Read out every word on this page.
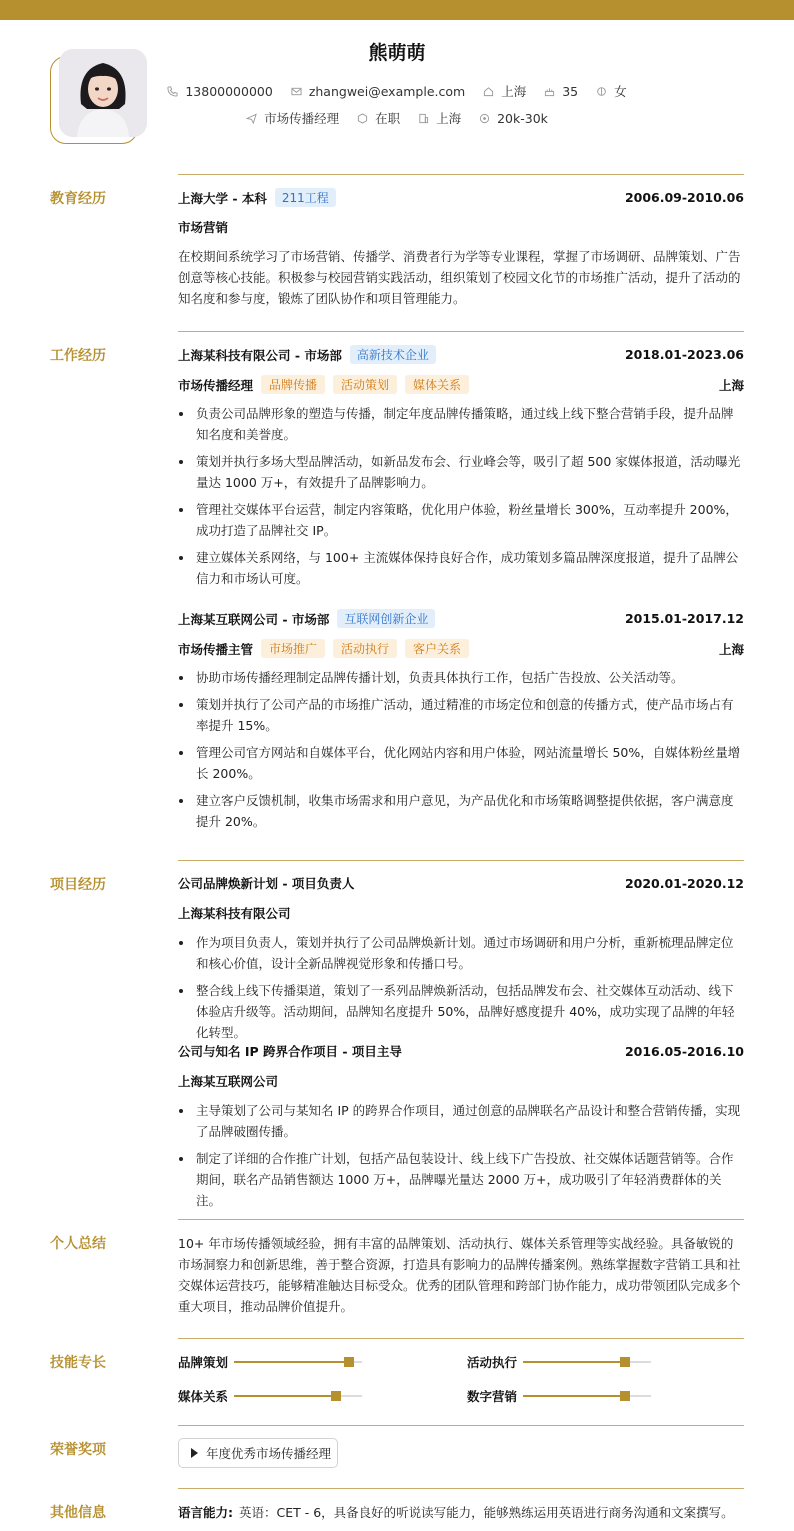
熊萌萌
13800000000	zhangwei@example.com	上海	35	女
市场传播经理	在职	上海	20k-30k
教育经历	上海大学 - 本科	211工程	2006.09-2010.06
市场营销
在校期间系统学习了市场营销、传播学、消费者行为学等专业课程，掌握了市场调研、品牌策划、广告创意等核心技能。积极参与校园营销实践活动，组织策划了校园文化节的市场推广活动，提升了活动的知名度和参与度，锻炼了团队协作和项目管理能力。
工作经历	上海某科技有限公司 - 市场部	高新技术企业	2018.01-2023.06
市场传播经理	品牌传播	活动策划	媒体关系	上海
负责公司品牌形象的塑造与传播，制定年度品牌传播策略，通过线上线下整合营销手段，提升品牌知名度和美誉度。
策划并执行多场大型品牌活动，如新品发布会、行业峰会等，吸引了超 500 家媒体报道，活动曝光量达 1000 万+，有效提升了品牌影响力。
管理社交媒体平台运营，制定内容策略，优化用户体验，粉丝量增长 300%，互动率提升 200%，成功打造了品牌社交 IP。
建立媒体关系网络，与 100+ 主流媒体保持良好合作，成功策划多篇品牌深度报道，提升了品牌公信力和市场认可度。
上海某互联网公司 - 市场部	互联网创新企业	2015.01-2017.12
市场传播主管	市场推广	活动执行	客户关系	上海
协助市场传播经理制定品牌传播计划，负责具体执行工作，包括广告投放、公关活动等。
策划并执行了公司产品的市场推广活动，通过精准的市场定位和创意的传播方式，使产品市场占有率提升 15%。
管理公司官方网站和自媒体平台，优化网站内容和用户体验，网站流量增长 50%，自媒体粉丝量增长 200%。
建立客户反馈机制，收集市场需求和用户意见，为产品优化和市场策略调整提供依据，客户满意度提升 20%。
项目经历	公司品牌焕新计划 - 项目负责人	2020.01-2020.12
上海某科技有限公司
作为项目负责人，策划并执行了公司品牌焕新计划。通过市场调研和用户分析，重新梳理品牌定位和核心价值，设计全新品牌视觉形象和传播口号。
整合线上线下传播渠道，策划了一系列品牌焕新活动，包括品牌发布会、社交媒体互动活动、线下体验店升级等。活动期间，品牌知名度提升 50%，品牌好感度提升 40%，成功实现了品牌的年轻化转型。
公司与知名 IP 跨界合作项目 - 项目主导	2016.05-2016.10
上海某互联网公司
主导策划了公司与某知名 IP 的跨界合作项目，通过创意的品牌联名产品设计和整合营销传播，实现了品牌破圈传播。
制定了详细的合作推广计划，包括产品包装设计、线上线下广告投放、社交媒体话题营销等。合作期间，联名产品销售额达 1000 万+，品牌曝光量达 2000 万+，成功吸引了年轻消费群体的关注。
个人总结	10+ 年市场传播领域经验，拥有丰富的品牌策划、活动执行、媒体关系管理等实战经验。具备敏锐的市场洞察力和创新思维，善于整合资源，打造具有影响力的品牌传播案例。熟练掌握数字营销工具和社交媒体运营技巧，能够精准触达目标受众。优秀的团队管理和跨部门协作能力，成功带领团队完成多个重大项目，推动品牌价值提升。
技能专长	品牌策划	活动执行
媒体关系	数字营销
荣誉奖项	年度优秀市场传播经理
其他信息	语言能力: 英语：CET - 6，具备良好的听说读写能力，能够熟练运用英语进行商务沟通和文案撰写。
